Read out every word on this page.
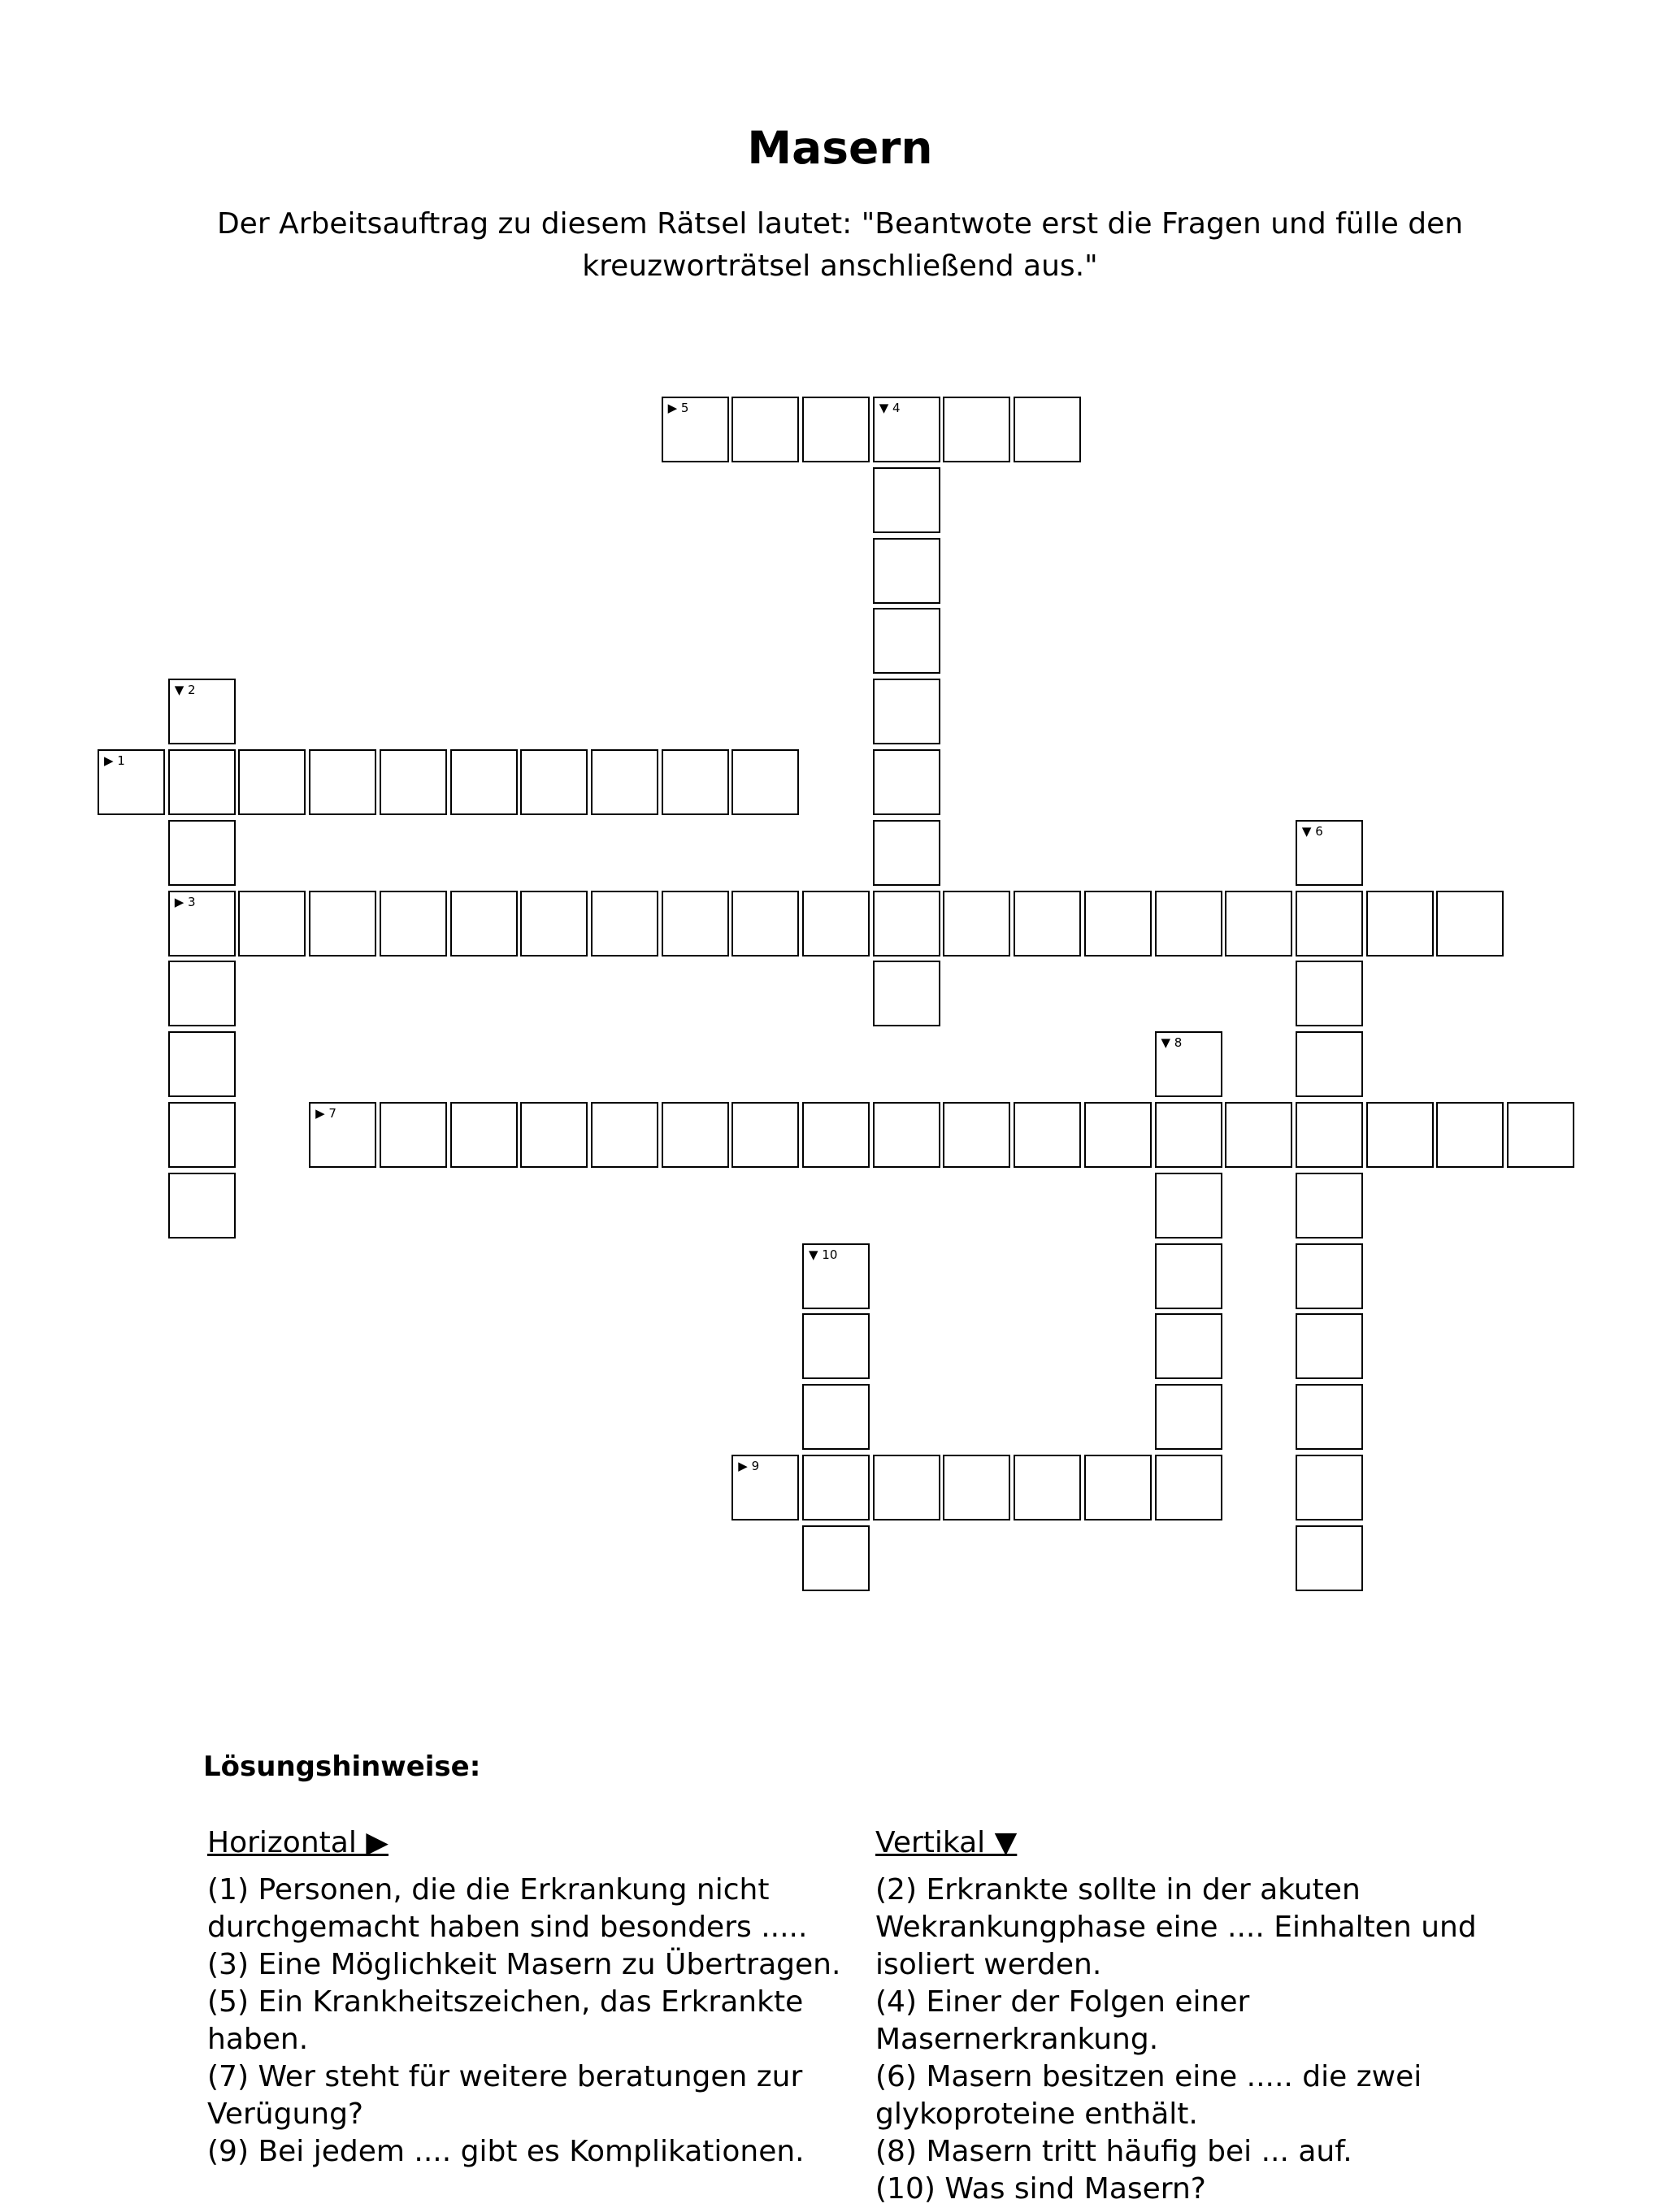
Masern

Der Arbeitsauftrag zu diesem Rätsel lautet: "Beantwote erst die Fragen und fülle den kreuzworträtsel anschließend aus."

▶ 5	▼ 4
▼ 2
▶ 3
▶ 1
▼ 6
▼ 8
▶ 7
▼ 10
▶ 9
Lösungshinweise:
Horizontal ▶

(1) Personen, die die Erkrankung nicht durchgemacht haben sind besonders .....

(3) Eine Möglichkeit Masern zu Übertragen.

(5) Ein Krankheitszeichen, das Erkrankte haben.

(7) Wer steht für weitere beratungen zur Verügung?

(9) Bei jedem .... gibt es Komplikationen.

Vertikal ▼

(2) Erkrankte sollte in der akuten Wekrankungphase eine .... Einhalten und isoliert werden.

(4) Einer der Folgen einer Masernerkrankung.

(6) Masern besitzen eine ..... die zwei glykoproteine enthält.

(8) Masern tritt häufig bei ... auf.

(10) Was sind Masern?
